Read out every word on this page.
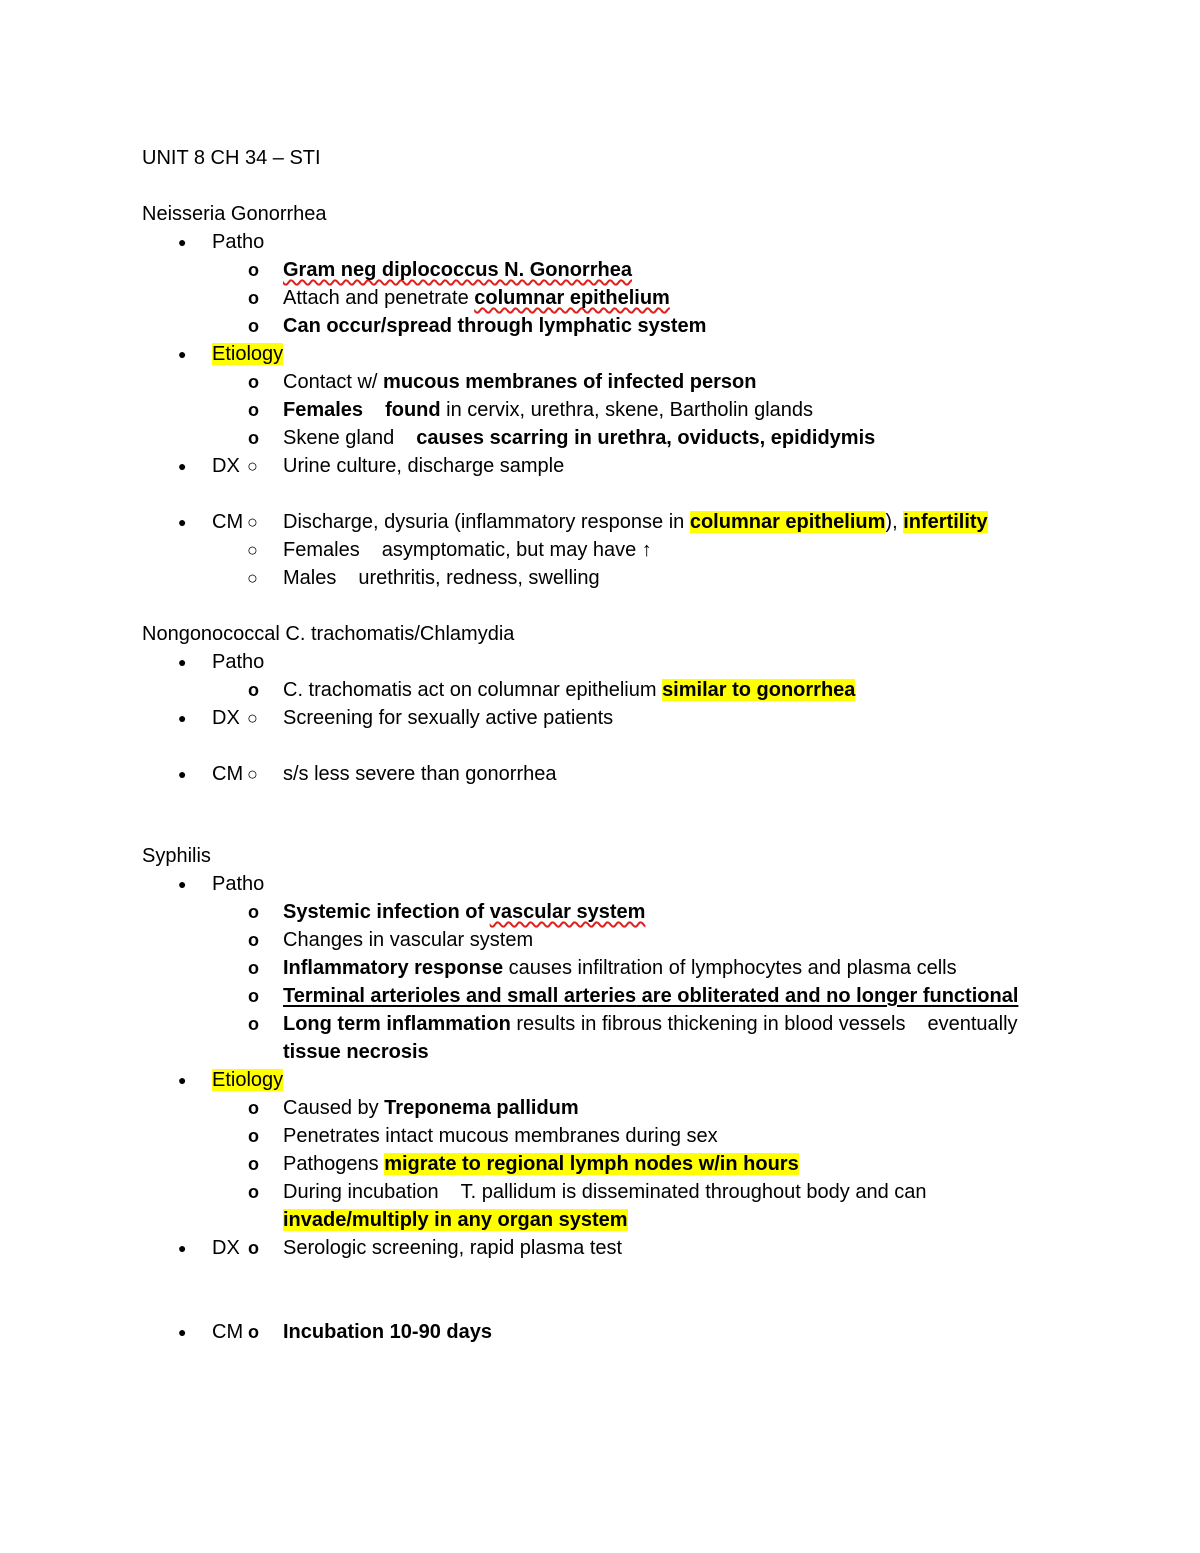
UNIT 8 CH 34 – STI
Neisseria Gonorrhea
● Patho
o Gram neg diplococcus N. Gonorrhea
o Attach and penetrate columnar epithelium
o Can occur/spread through lymphatic system
● Etiology
o Contact w/ mucous membranes of infected person
o Females found in cervix, urethra, skene, Bartholin glands
o Skene gland causes scarring in urethra, oviducts, epididymis
● DX ○ Urine culture, discharge sample
● CM ○ Discharge, dysuria (inflammatory response in columnar epithelium), infertility
○ Females asymptomatic, but may have ↑
○ Males urethritis, redness, swelling
Nongonococcal C. trachomatis/Chlamydia
● Patho
o C. trachomatis act on columnar epithelium similar to gonorrhea
● DX ○ Screening for sexually active patients
● CM ○ s/s less severe than gonorrhea
Syphilis
● Patho
o Systemic infection of vascular system
o Changes in vascular system
o Inflammatory response causes infiltration of lymphocytes and plasma cells
o Terminal arterioles and small arteries are obliterated and no longer functional
o Long term inflammation results in fibrous thickening in blood vessels eventually
tissue necrosis
● Etiology
o Caused by Treponema pallidum
o Penetrates intact mucous membranes during sex
o Pathogens migrate to regional lymph nodes w/in hours
o During incubation T. pallidum is disseminated throughout body and can
invade/multiply in any organ system
● DX o Serologic screening, rapid plasma test
● CM o Incubation 10-90 days
